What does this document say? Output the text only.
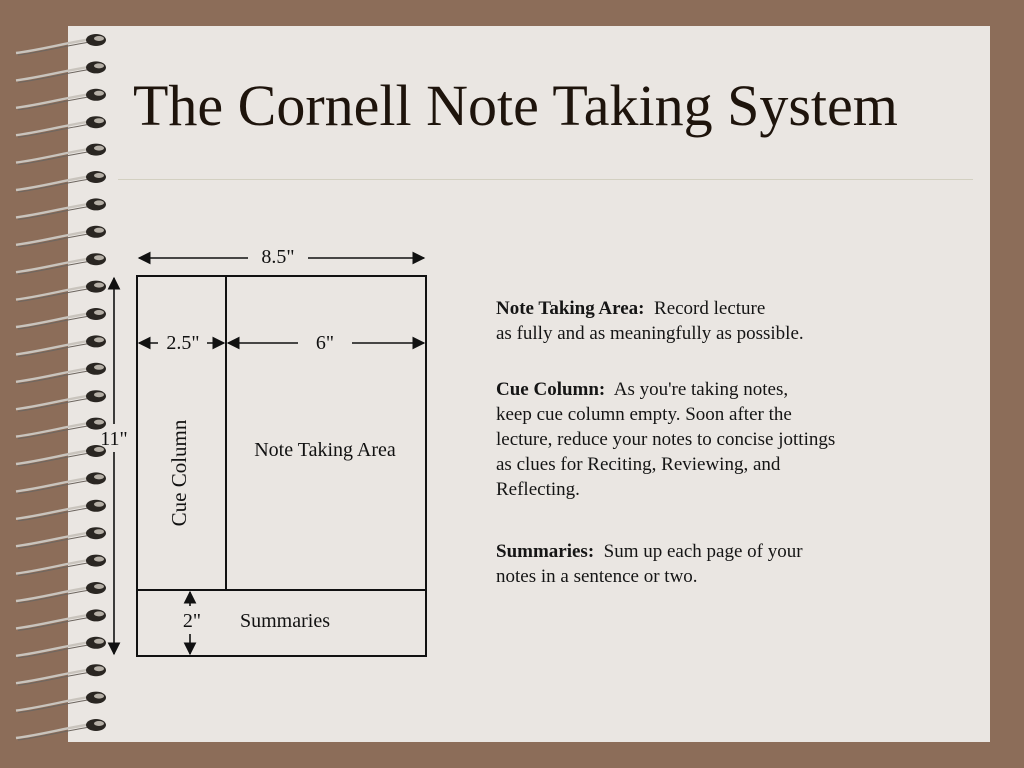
The Cornell Note Taking System
8.5"
11"
2.5"	6"
Cue Column	Note Taking Area
2" Summaries
Note Taking Area: Record lecture
as fully and as meaningfully as possible.
Cue Column: As you're taking notes,
keep cue column empty. Soon after the
lecture, reduce your notes to concise jottings
as clues for Reciting, Reviewing, and
Reflecting.
Summaries: Sum up each page of your
notes in a sentence or two.
